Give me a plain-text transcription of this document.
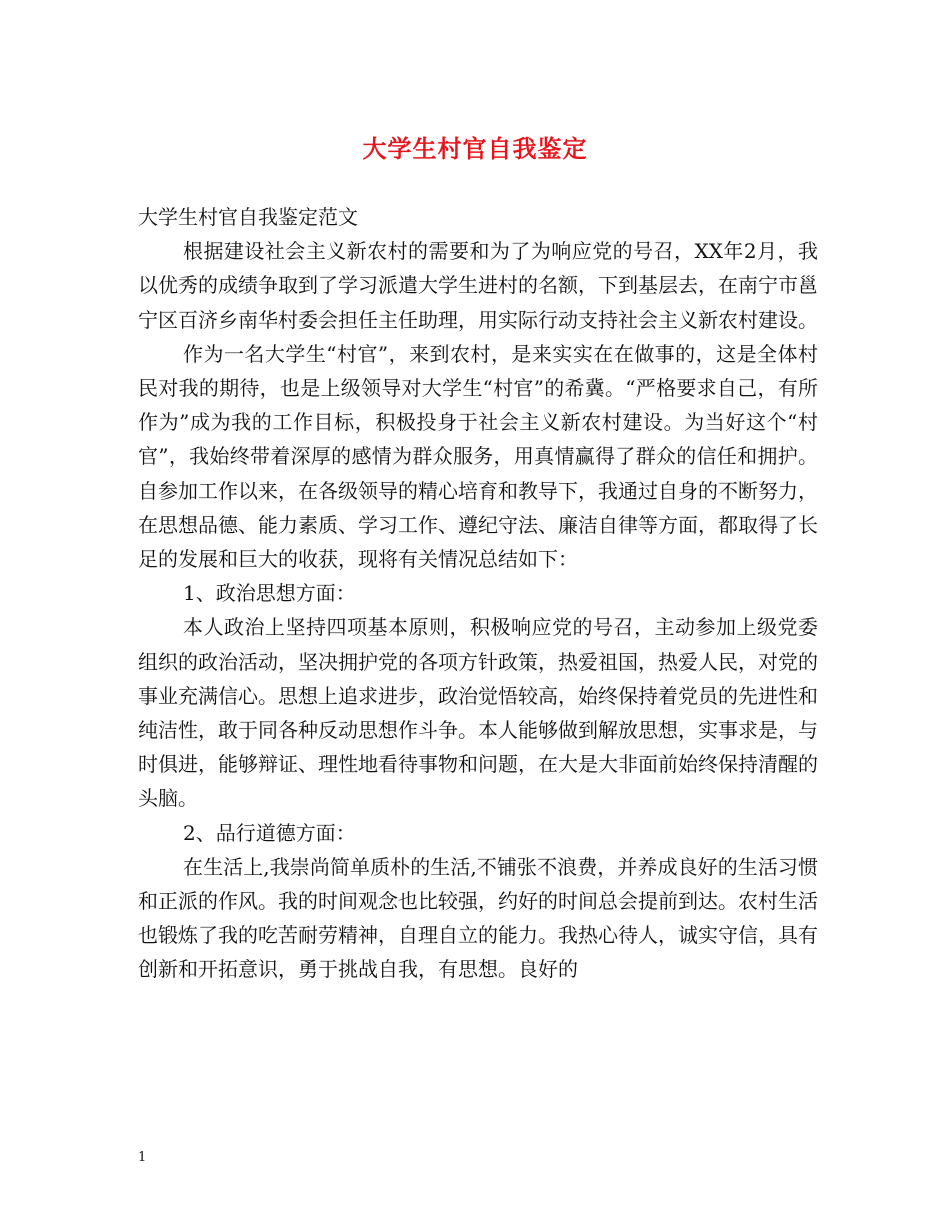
大学生村官自我鉴定

大学生村官自我鉴定范文

根据建设社会主义新农村的需要和为了为响应党的号召，XX年2月，我以优秀的成绩争取到了学习派遣大学生进村的名额，下到基层去，在南宁市邕宁区百济乡南华村委会担任主任助理，用实际行动支持社会主义新农村建设。

作为一名大学生“村官”，来到农村，是来实实在在做事的，这是全体村民对我的期待，也是上级领导对大学生“村官”的希冀。“严格要求自己，有所作为”成为我的工作目标，积极投身于社会主义新农村建设。为当好这个“村官”，我始终带着深厚的感情为群众服务，用真情赢得了群众的信任和拥护。自参加工作以来，在各级领导的精心培育和教导下，我通过自身的不断努力，在思想品德、能力素质、学习工作、遵纪守法、廉洁自律等方面，都取得了长足的发展和巨大的收获，现将有关情况总结如下：

1、政治思想方面：

本人政治上坚持四项基本原则，积极响应党的号召，主动参加上级党委组织的政治活动，坚决拥护党的各项方针政策，热爱祖国，热爱人民，对党的事业充满信心。思想上追求进步，政治觉悟较高，始终保持着党员的先进性和纯洁性，敢于同各种反动思想作斗争。本人能够做到解放思想，实事求是，与时俱进，能够辩证、理性地看待事物和问题，在大是大非面前始终保持清醒的头脑。

2、品行道德方面：

在生活上,我崇尚简单质朴的生活,不铺张不浪费，并养成良好的生活习惯和正派的作风。我的时间观念也比较强，约好的时间总会提前到达。农村生活也锻炼了我的吃苦耐劳精神，自理自立的能力。我热心待人，诚实守信，具有创新和开拓意识，勇于挑战自我，有思想。良好的

1
